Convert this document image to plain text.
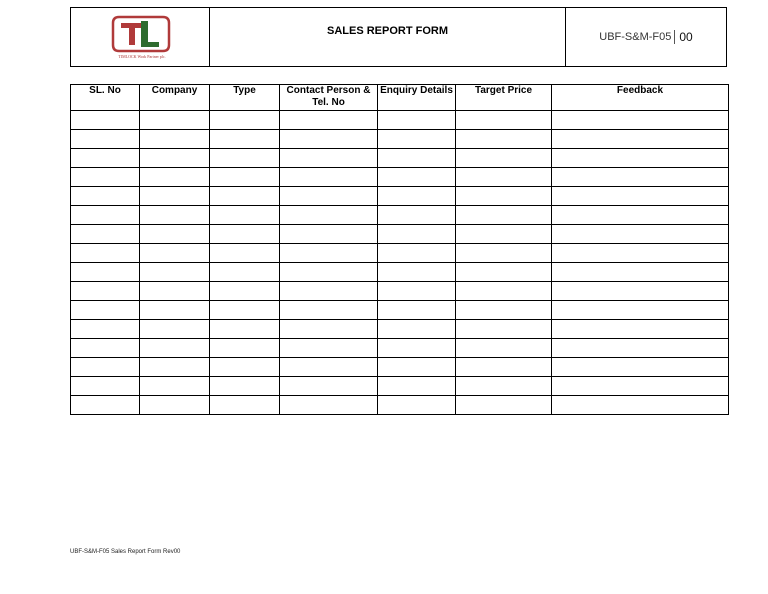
TIMLOCK Work Partner plc.
SALES REPORT FORM	UBF-S&M-F05 00
SL. No	Company	Type	Contact Person & Tel. No	Enquiry Details	Target Price	Feedback

UBF-S&M-F05 Sales Report Form Rev00
